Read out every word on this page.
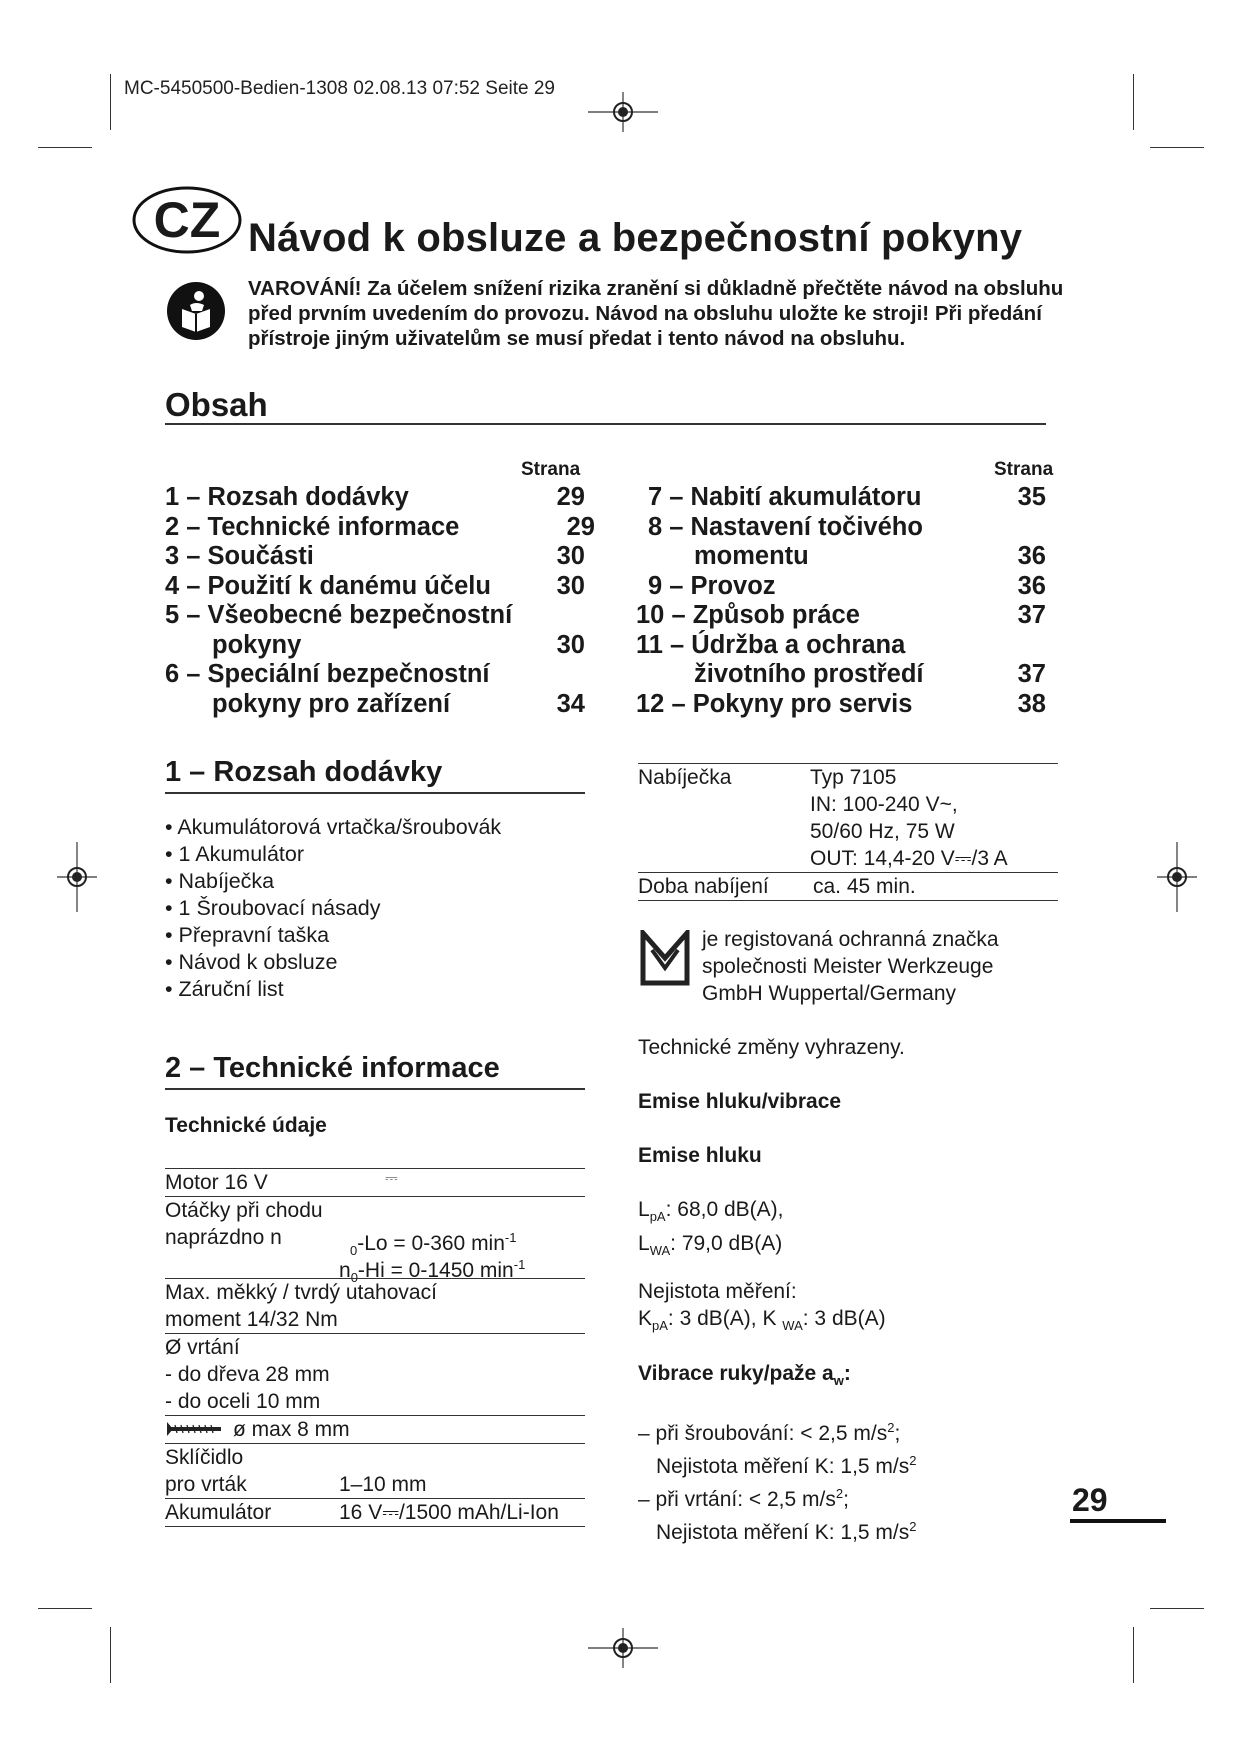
MC-5450500-Bedien-1308 02.08.13 07:52 Seite 29
CZ Návod k obsluze a bezpečnostní pokyny
VAROVÁNÍ! Za účelem snížení rizika zranění si důkladně přečtěte návod na obsluhu před prvním uvedením do provozu. Návod na obsluhu uložte ke stroji! Při předání přístroje jiným uživatelům se musí předat i tento návod na obsluhu.
Obsah
Strana	Strana
1 – Rozsah dodávky	29
2 – Technické informace	29
3 – Součásti	30
4 – Použití k danému účelu	30
5 – Všeobecné bezpečnostní
pokyny	30
6 – Speciální bezpečnostní
pokyny pro zařízení	34
7 – Nabití akumulátoru	35
8 – Nastavení točivého
momentu	36
9 – Provoz	36
10 – Způsob práce	37
11 – Údržba a ochrana
životního prostředí	37
12 – Pokyny pro servis	38
1 – Rozsah dodávky
• Akumulátorová vrtačka/šroubovák
• 1 Akumulátor
• Nabíječka
• 1 Šroubovací násady
• Přepravní taška
• Návod k obsluze
• Záruční list
2 – Technické informace
Technické údaje
Motor 16 V	⎓
Otáčky při chodu
naprázdno n
$_0$-Lo = 0-360 $\min^{-1}$
$n_0-Hi = 0-1450$ $\min^{-1}$
Max. měkký / tvrdý utahovací
moment 14/32 Nm
Ø vrtání
- do dřeva 28 mm
- do oceli 10 mm
ø max 8 mm
Sklíčidlo
pro vrták	1–10 mm
Akumulátor	16 V⎓/1500 mAh/Li-Ion
Nabíječka	Typ 7105
IN: 100-240 V~,
50/60 Hz, 75 W
OUT: 14,4-20 V⎓/3 A
Doba nabíjení	ca. 45 min.
je registovaná ochranná značka
společnosti Meister Werkzeuge
GmbH Wuppertal/Germany
Technické změny vyhrazeny.
Emise hluku/vibrace
Emise hluku
$L_{pA}$: 68,0 dB(A),
$L_{WA}$: 79,0 dB(A)
Nejistota měření:
$K_{pA}$: 3 dB(A), K $_{WA}$: 3 dB(A)
Vibrace ruky/paže $a_w$:
– při šroubování: < 2,5 $m/s^2$;
Nejistota měření K: 1,5 $m/s^2$
– při vrtání: < 2,5 $m/s^2$;
Nejistota měření K: 1,5 $m/s^2$
29
